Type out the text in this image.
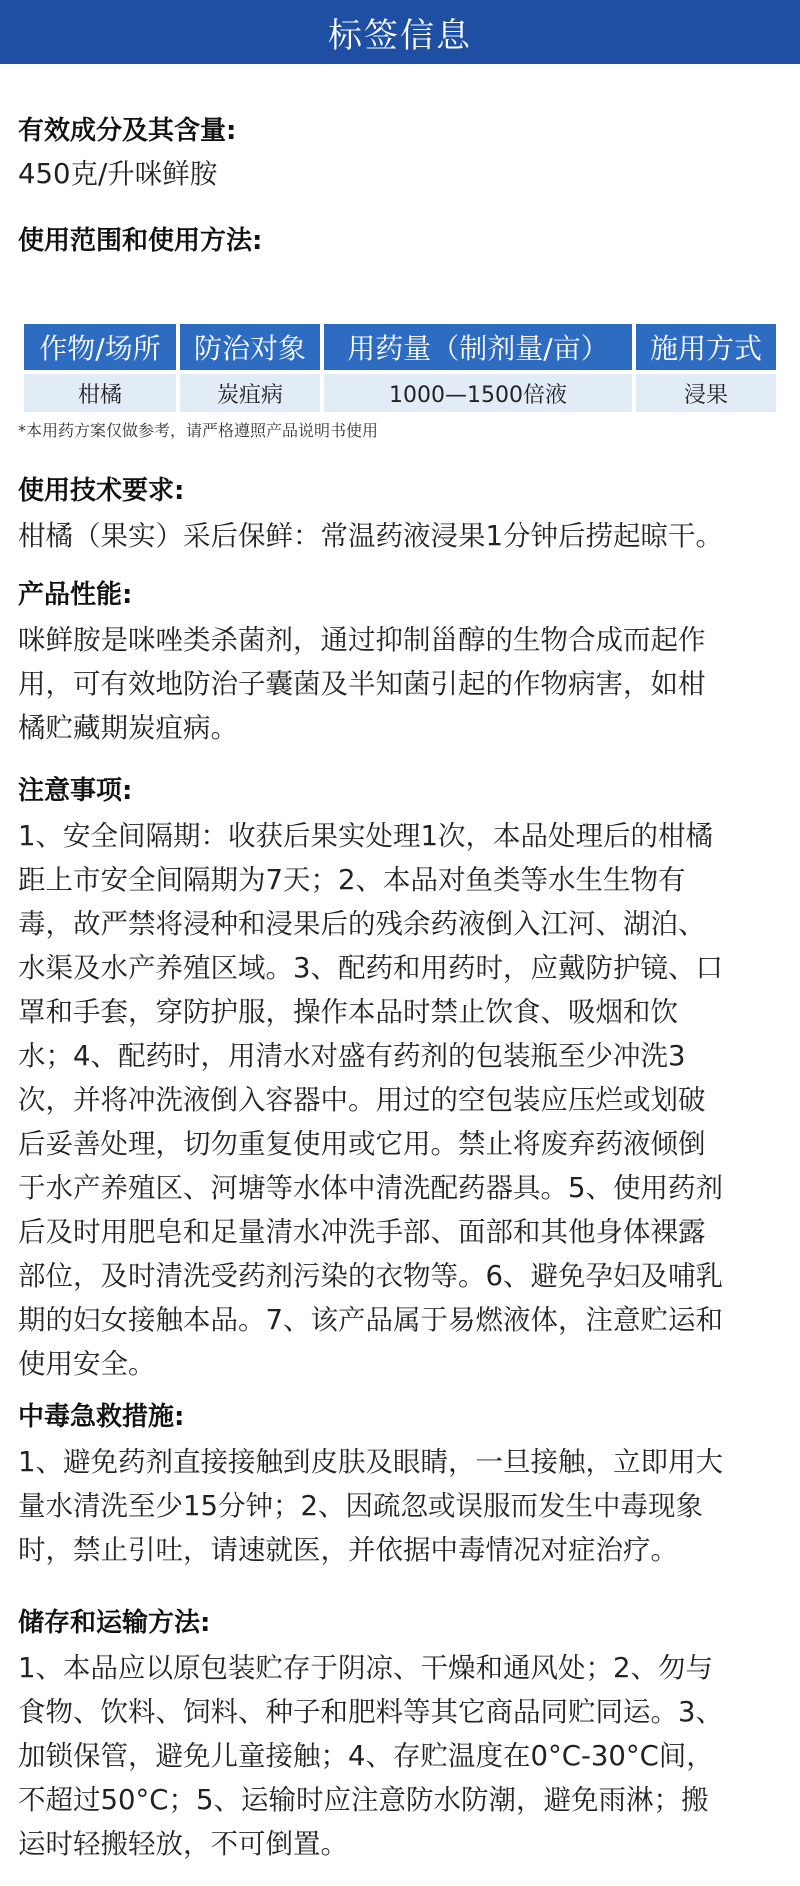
标签信息

有效成分及其含量:

450克/升咪鲜胺

使用范围和使用方法:

作物/场所	防治对象	用药量（制剂量/亩）	施用方式
柑橘	炭疽病	1000—1500倍液	浸果
*本用药方案仅做参考，请严格遵照产品说明书使用

使用技术要求:

柑橘（果实）采后保鲜：常温药液浸果1分钟后捞起晾干。

产品性能:

咪鲜胺是咪唑类杀菌剂，通过抑制甾醇的生物合成而起作

用，可有效地防治子囊菌及半知菌引起的作物病害，如柑

橘贮藏期炭疽病。

注意事项:

1、安全间隔期：收获后果实处理1次，本品处理后的柑橘

距上市安全间隔期为7天；2、本品对鱼类等水生生物有

毒，故严禁将浸种和浸果后的残余药液倒入江河、湖泊、

水渠及水产养殖区域。3、配药和用药时，应戴防护镜、口

罩和手套，穿防护服，操作本品时禁止饮食、吸烟和饮

水；4、配药时，用清水对盛有药剂的包装瓶至少冲洗3

次，并将冲洗液倒入容器中。用过的空包装应压烂或划破

后妥善处理，切勿重复使用或它用。禁止将废弃药液倾倒

于水产养殖区、河塘等水体中清洗配药器具。5、使用药剂

后及时用肥皂和足量清水冲洗手部、面部和其他身体裸露

部位，及时清洗受药剂污染的衣物等。6、避免孕妇及哺乳

期的妇女接触本品。7、该产品属于易燃液体，注意贮运和

使用安全。

中毒急救措施:

1、避免药剂直接接触到皮肤及眼睛，一旦接触，立即用大

量水清洗至少15分钟；2、因疏忽或误服而发生中毒现象

时，禁止引吐，请速就医，并依据中毒情况对症治疗。

储存和运输方法:

1、本品应以原包装贮存于阴凉、干燥和通风处；2、勿与

食物、饮料、饲料、种子和肥料等其它商品同贮同运。3、

加锁保管，避免儿童接触；4、存贮温度在0°C-30°C间，

不超过50°C；5、运输时应注意防水防潮，避免雨淋；搬

运时轻搬轻放，不可倒置。
